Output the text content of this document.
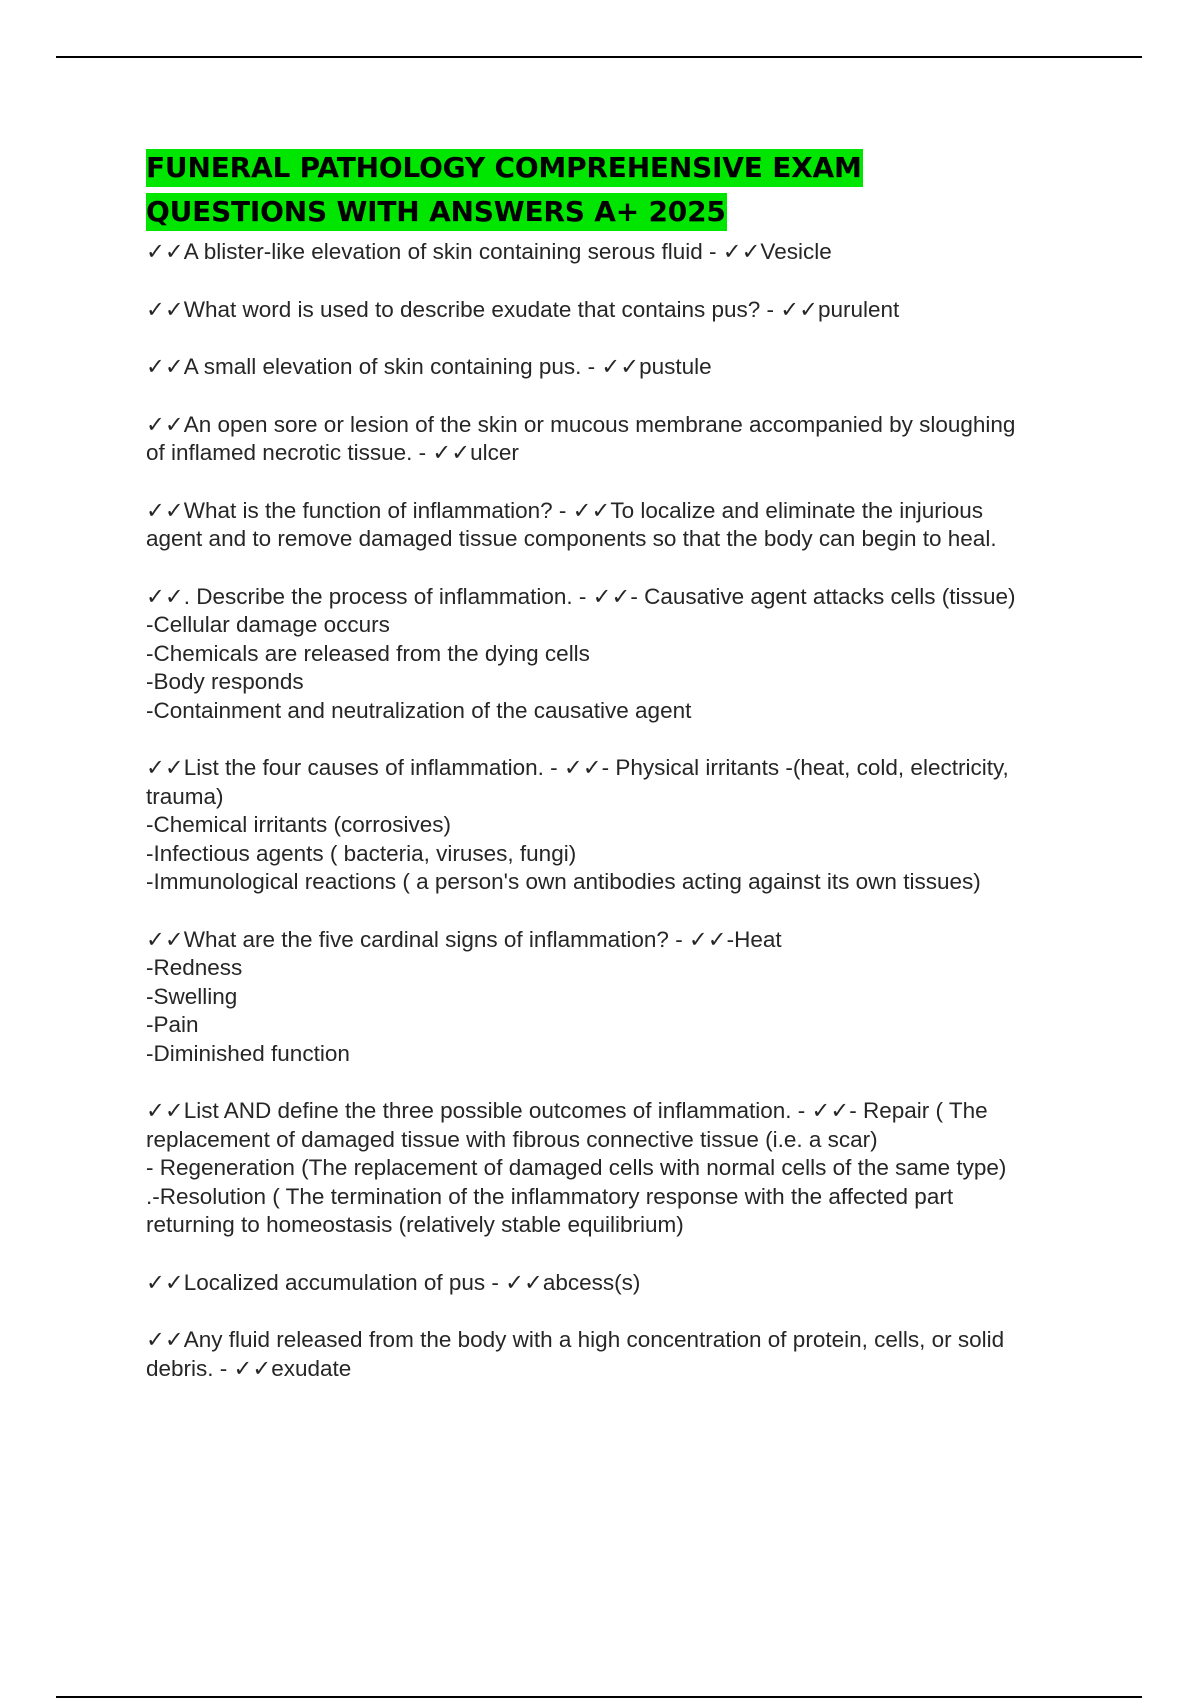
FUNERAL PATHOLOGY COMPREHENSIVE EXAM
QUESTIONS WITH ANSWERS A+ 2025

✓✓A blister-like elevation of skin containing serous fluid - ✓✓Vesicle

✓✓What word is used to describe exudate that contains pus? - ✓✓purulent

✓✓A small elevation of skin containing pus. - ✓✓pustule

✓✓An open sore or lesion of the skin or mucous membrane accompanied by sloughing
of inflamed necrotic tissue. - ✓✓ulcer

✓✓What is the function of inflammation? - ✓✓To localize and eliminate the injurious
agent and to remove damaged tissue components so that the body can begin to heal.

✓✓. Describe the process of inflammation. - ✓✓- Causative agent attacks cells (tissue)
-Cellular damage occurs
-Chemicals are released from the dying cells
-Body responds
-Containment and neutralization of the causative agent

✓✓List the four causes of inflammation. - ✓✓- Physical irritants -(heat, cold, electricity,
trauma)
-Chemical irritants (corrosives)
-Infectious agents ( bacteria, viruses, fungi)
-Immunological reactions ( a person's own antibodies acting against its own tissues)

✓✓What are the five cardinal signs of inflammation? - ✓✓-Heat
-Redness
-Swelling
-Pain
-Diminished function

✓✓List AND define the three possible outcomes of inflammation. - ✓✓- Repair ( The
replacement of damaged tissue with fibrous connective tissue (i.e. a scar)
- Regeneration (The replacement of damaged cells with normal cells of the same type)
.-Resolution ( The termination of the inflammatory response with the affected part
returning to homeostasis (relatively stable equilibrium)

✓✓Localized accumulation of pus - ✓✓abcess(s)

✓✓Any fluid released from the body with a high concentration of protein, cells, or solid
debris. - ✓✓exudate
